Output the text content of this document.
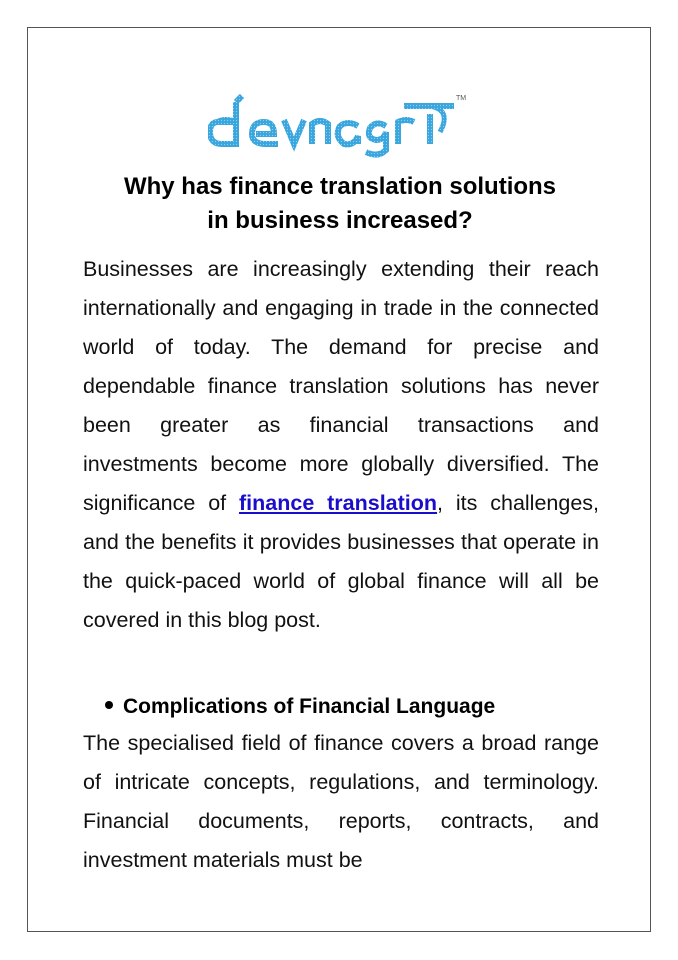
TM
Why has finance translation solutions
in business increased?

Businesses are increasingly extending their reach internationally and engaging in trade in the connected world of today. The demand for precise and dependable finance translation solutions has never been greater as financial transactions and investments become more globally diversified. The significance of finance translation, its challenges, and the benefits it provides businesses that operate in the quick-paced world of global finance will all be covered in this blog post.

Complications of Financial Language

The specialised field of finance covers a broad range of intricate concepts, regulations, and terminology. Financial documents, reports, contracts, and investment materials must be
